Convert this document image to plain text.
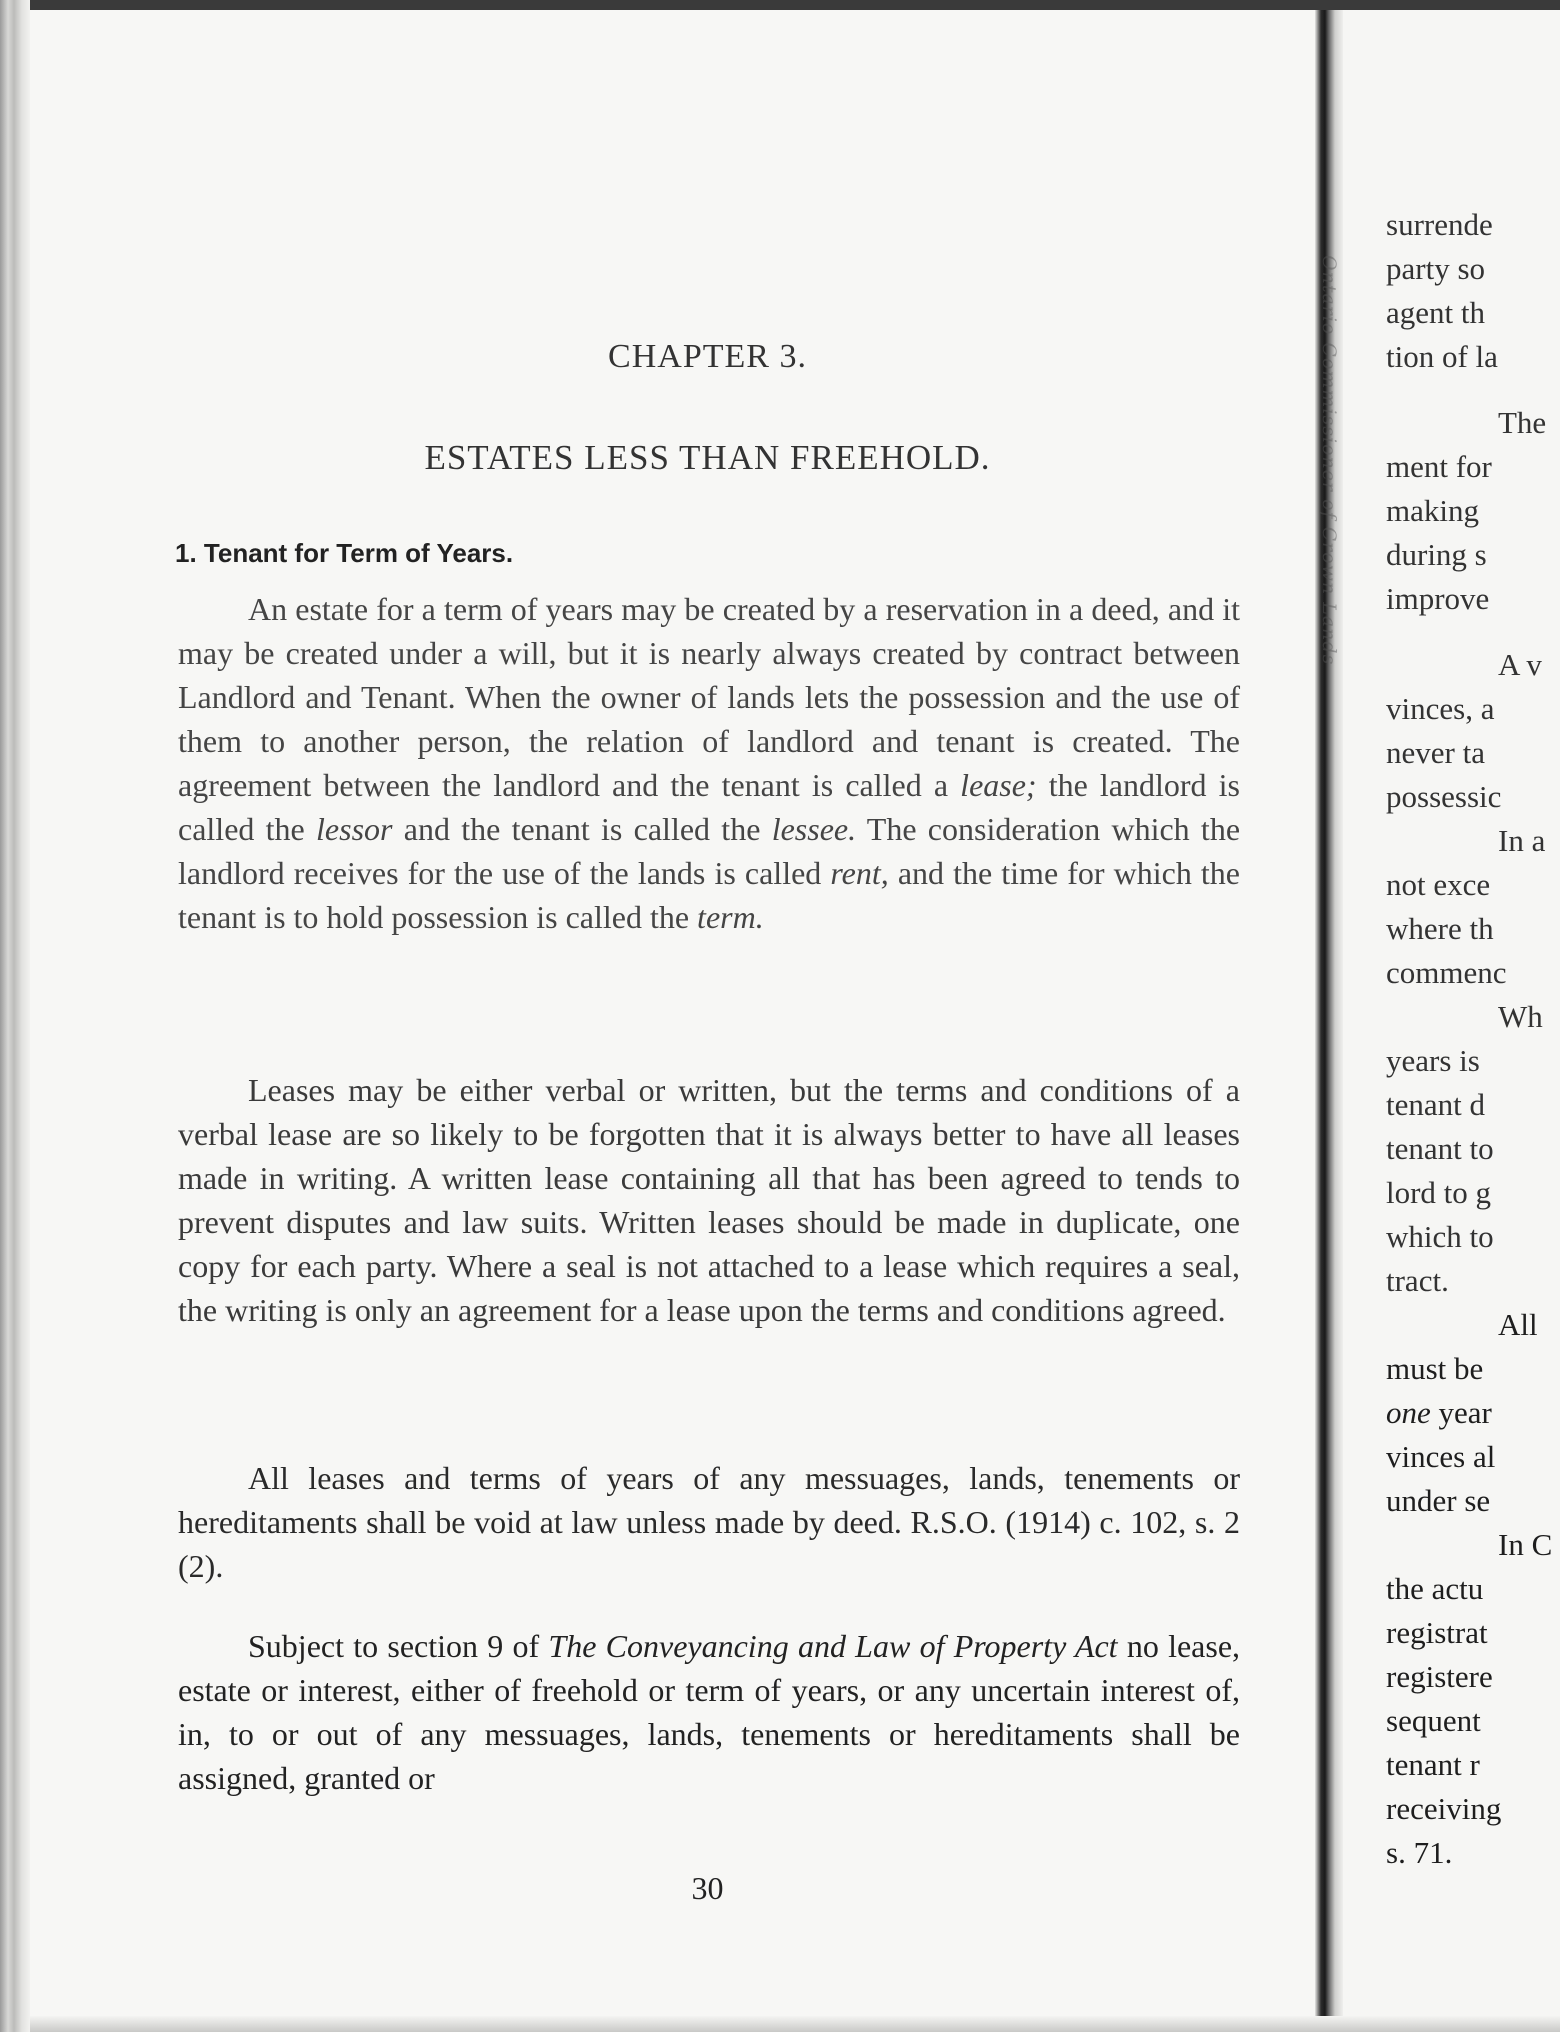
Ontario Commissioner of Crown Lands
CHAPTER 3.
ESTATES LESS THAN FREEHOLD.
1. Tenant for Term of Years.

An estate for a term of years may be created by a reservation in a deed, and it may be created under a will, but it is nearly always created by contract between Landlord and Tenant. When the owner of lands lets the possession and the use of them to another person, the relation of landlord and tenant is created. The agreement between the landlord and the tenant is called a lease; the landlord is called the lessor and the tenant is called the lessee. The consideration which the landlord receives for the use of the lands is called rent, and the time for which the tenant is to hold possession is called the term.

Leases may be either verbal or written, but the terms and conditions of a verbal lease are so likely to be forgotten that it is always better to have all leases made in writing. A written lease containing all that has been agreed to tends to prevent disputes and law suits. Written leases should be made in duplicate, one copy for each party. Where a seal is not attached to a lease which requires a seal, the writing is only an agreement for a lease upon the terms and conditions agreed.

All leases and terms of years of any messuages, lands, tenements or hereditaments shall be void at law unless made by deed. R.S.O. (1914) c. 102, s. 2 (2).

Subject to section 9 of The Conveyancing and Law of Property Act no lease, estate or interest, either of freehold or term of years, or any uncertain interest of, in, to or out of any messuages, lands, tenements or hereditaments shall be assigned, granted or

30
surrende
party so
agent th
tion of la
The
ment for
making
during s
improve
A v
vinces, a
never ta
possessic
In a
not exce
where th
commenc
Wh
years is
tenant d
tenant to
lord to g
which to
tract.
All
must be
one year
vinces al
under se
In C
the actu
registrat
registere
sequent
tenant r
receiving
s. 71.
